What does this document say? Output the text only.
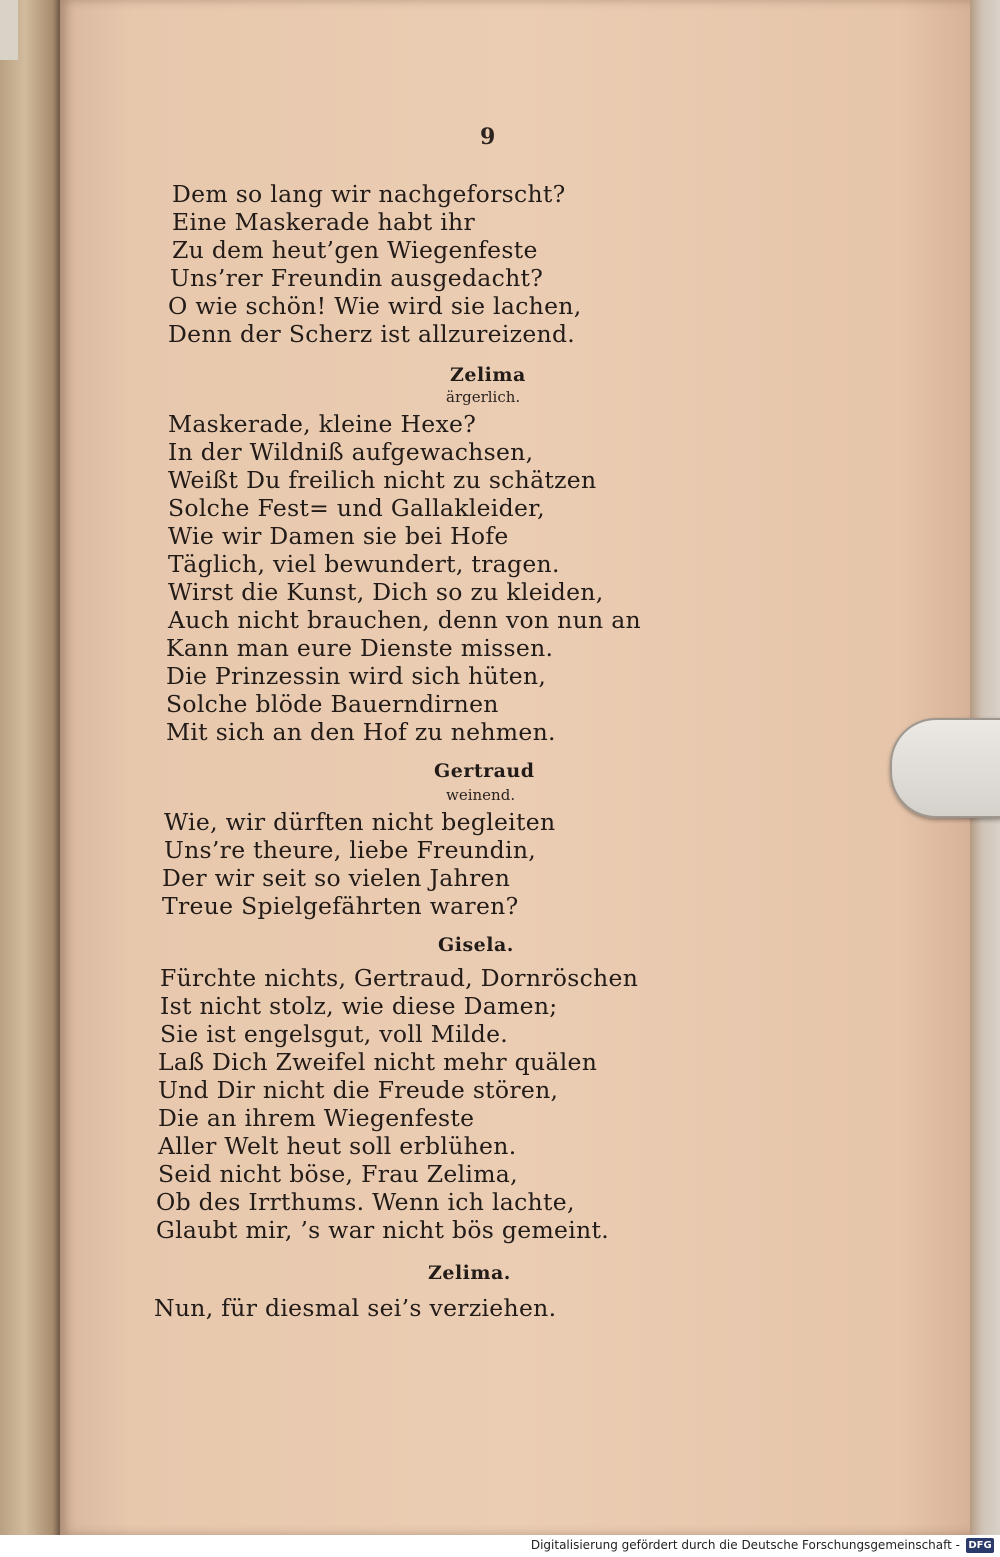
9
Dem so lang wir nachgeforscht?
Eine Maskerade habt ihr
Zu dem heut’gen Wiegenfeste
Uns’rer Freundin ausgedacht?
O wie schön! Wie wird sie lachen,
Denn der Scherz ist allzureizend.
Zelima
ärgerlich.
Maskerade, kleine Hexe?
In der Wildniß aufgewachsen,
Weißt Du freilich nicht zu schätzen
Solche Fest= und Gallakleider,
Wie wir Damen sie bei Hofe
Täglich, viel bewundert, tragen.
Wirst die Kunst, Dich so zu kleiden,
Auch nicht brauchen, denn von nun an
Kann man eure Dienste missen.
Die Prinzessin wird sich hüten,
Solche blöde Bauerndirnen
Mit sich an den Hof zu nehmen.
Gertraud
weinend.
Wie, wir dürften nicht begleiten
Uns’re theure, liebe Freundin,
Der wir seit so vielen Jahren
Treue Spielgefährten waren?
Gisela.
Fürchte nichts, Gertraud, Dornröschen
Ist nicht stolz, wie diese Damen;
Sie ist engelsgut, voll Milde.
Laß Dich Zweifel nicht mehr quälen
Und Dir nicht die Freude stören,
Die an ihrem Wiegenfeste
Aller Welt heut soll erblühen.
Seid nicht böse, Frau Zelima,
Ob des Irrthums. Wenn ich lachte,
Glaubt mir, ’s war nicht bös gemeint.
Zelima.
Nun, für diesmal sei’s verziehen.
Digitalisierung gefördert durch die Deutsche Forschungsgemeinschaft - DFG
